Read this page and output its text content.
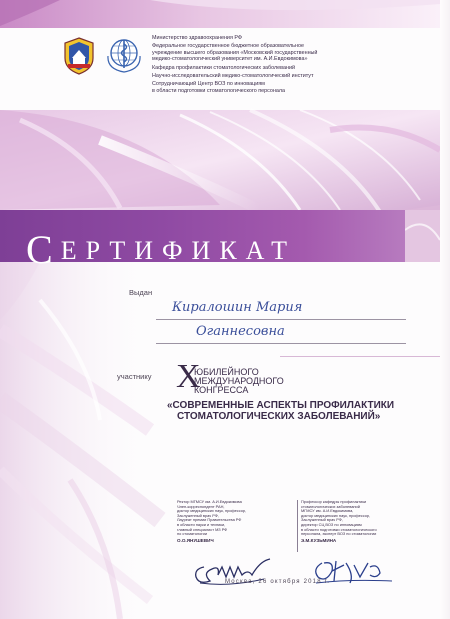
Министерство здравоохранения РФ
Федеральное государственное бюджетное образовательное
учреждение высшего образования «Московский государственный
медико-стоматологический университет им. А.И.Евдокимова»
Кафедра профилактики стоматологических заболеваний
Научно-исследовательский медико-стоматологический институт
Сотрудничающий Центр ВОЗ по инновациям
в области подготовки стоматологического персонала
СЕРТИФИКАТ
Выдан
Киралошин Мария
Оганнесовна
участнику X
ЮБИЛЕЙНОГО
МЕЖДУНАРОДНОГО
КОНГРЕССА
«СОВРЕМЕННЫЕ АСПЕКТЫ ПРОФИЛАКТИКИ
СТОМАТОЛОГИЧЕСКИХ ЗАБОЛЕВАНИЙ»
Ректор МГМСУ им. А.И.Евдокимова
Член-корреспондент РАН,
доктор медицинских наук, профессор,
Заслуженный врач РФ,
Лауреат премии Правительства РФ
в области науки и техники,
главный специалист МЗ РФ
по стоматологии
О.О.ЯНУШЕВИЧ
Профессор кафедры профилактики
стоматологических заболеваний
МГМСУ им. А.И.Евдокимова,
доктор медицинских наук, профессор,
Заслуженный врач РФ,
директор СЦ ВОЗ по инновациям
в области подготовки стоматологического
персонала, эксперт ВОЗ по стоматологии
Э.М.КУЗЬМИНА
Москва, 26 октября 2018 г.
